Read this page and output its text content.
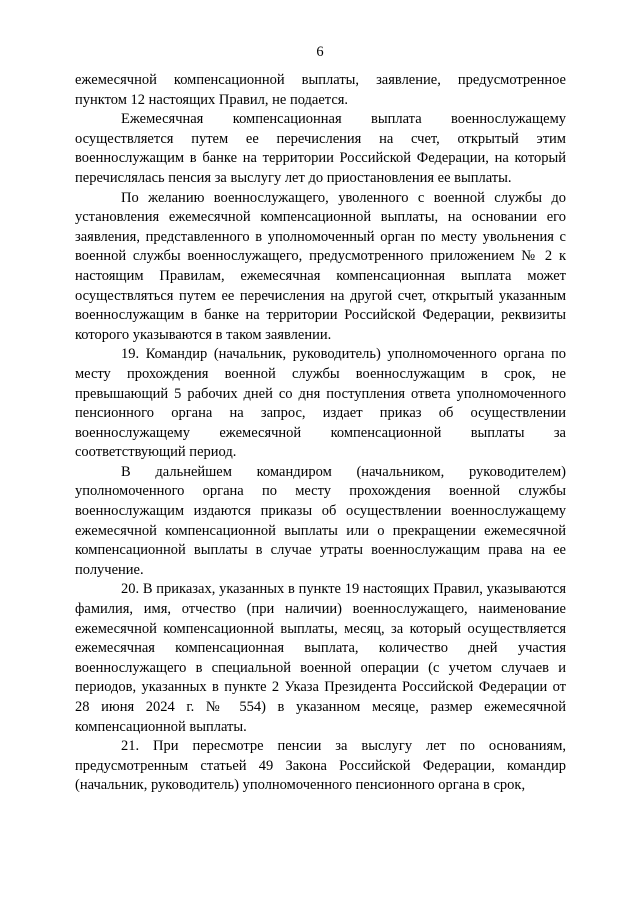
6

ежемесячной компенсационной выплаты, заявление, предусмотренное пунктом 12 настоящих Правил, не подается.

Ежемесячная компенсационная выплата военнослужащему осуществляется путем ее перечисления на счет, открытый этим военнослужащим в банке на территории Российской Федерации, на который перечислялась пенсия за выслугу лет до приостановления ее выплаты.

По желанию военнослужащего, уволенного с военной службы до установления ежемесячной компенсационной выплаты, на основании его заявления, представленного в уполномоченный орган по месту увольнения с военной службы военнослужащего, предусмотренного приложением № 2 к настоящим Правилам, ежемесячная компенсационная выплата может осуществляться путем ее перечисления на другой счет, открытый указанным военнослужащим в банке на территории Российской Федерации, реквизиты которого указываются в таком заявлении.

19. Командир (начальник, руководитель) уполномоченного органа по месту прохождения военной службы военнослужащим в срок, не превышающий 5 рабочих дней со дня поступления ответа уполномоченного пенсионного органа на запрос, издает приказ об осуществлении военнослужащему ежемесячной компенсационной выплаты за соответствующий период.

В дальнейшем командиром (начальником, руководителем) уполномоченного органа по месту прохождения военной службы военнослужащим издаются приказы об осуществлении военнослужащему ежемесячной компенсационной выплаты или о прекращении ежемесячной компенсационной выплаты в случае утраты военнослужащим права на ее получение.

20. В приказах, указанных в пункте 19 настоящих Правил, указываются фамилия, имя, отчество (при наличии) военнослужащего, наименование ежемесячной компенсационной выплаты, месяц, за который осуществляется ежемесячная компенсационная выплата, количество дней участия военнослужащего в специальной военной операции (с учетом случаев и периодов, указанных в пункте 2 Указа Президента Российской Федерации от 28 июня 2024 г. № 554) в указанном месяце, размер ежемесячной компенсационной выплаты.

21. При пересмотре пенсии за выслугу лет по основаниям, предусмотренным статьей 49 Закона Российской Федерации, командир (начальник, руководитель) уполномоченного пенсионного органа в срок,
